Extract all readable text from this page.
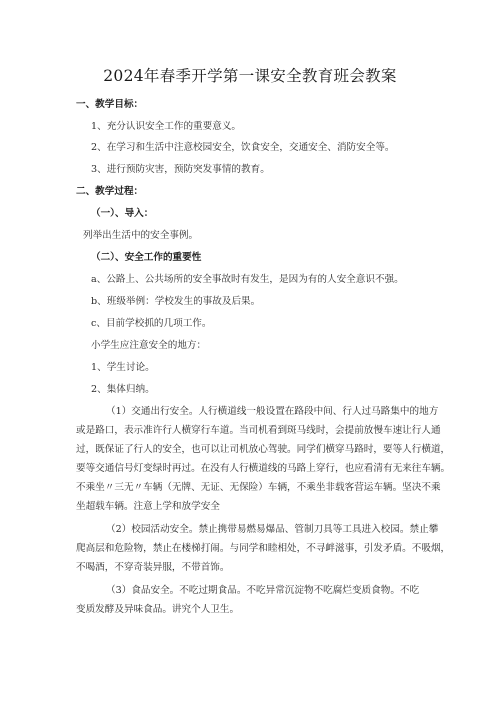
2024年春季开学第一课安全教育班会教案
一、教学目标：
1、充分认识安全工作的重要意义。
2、在学习和生活中注意校园安全，饮食安全，交通安全、消防安全等。
3、进行预防灾害，预防突发事情的教育。
二、教学过程：
（一）、导入：
列举出生活中的安全事例。
（二）、安全工作的重要性
a、公路上、公共场所的安全事故时有发生，是因为有的人安全意识不强。
b、班级举例：学校发生的事故及后果。
c、目前学校抓的几项工作。
小学生应注意安全的地方：
1、学生讨论。
2、集体归纳。
（1）交通出行安全。人行横道线一般设置在路段中间、行人过马路集中的地方
或是路口，表示准许行人横穿行车道。当司机看到斑马线时，会提前放慢车速让行人通
过，既保证了行人的安全，也可以让司机放心驾驶。同学们横穿马路时，要等人行横道，
要等交通信号灯变绿时再过。在没有人行横道线的马路上穿行，也应看清有无来往车辆。
不乘坐〃三无〃车辆（无牌、无证、无保险）车辆，不乘坐非载客营运车辆。坚决不乘
坐超载车辆。注意上学和放学安全
（2）校园活动安全。禁止携带易燃易爆品、管制刀具等工具进入校园。禁止攀
爬高层和危险物，禁止在楼梯打闹。与同学和睦相处，不寻衅滋事，引发矛盾。不吸烟，
不喝酒，不穿奇装异服，不带首饰。
（3）食品安全。不吃过期食品。不吃异常沉淀物不吃腐烂变质食物。不吃
变质发酵及异味食品。讲究个人卫生。
